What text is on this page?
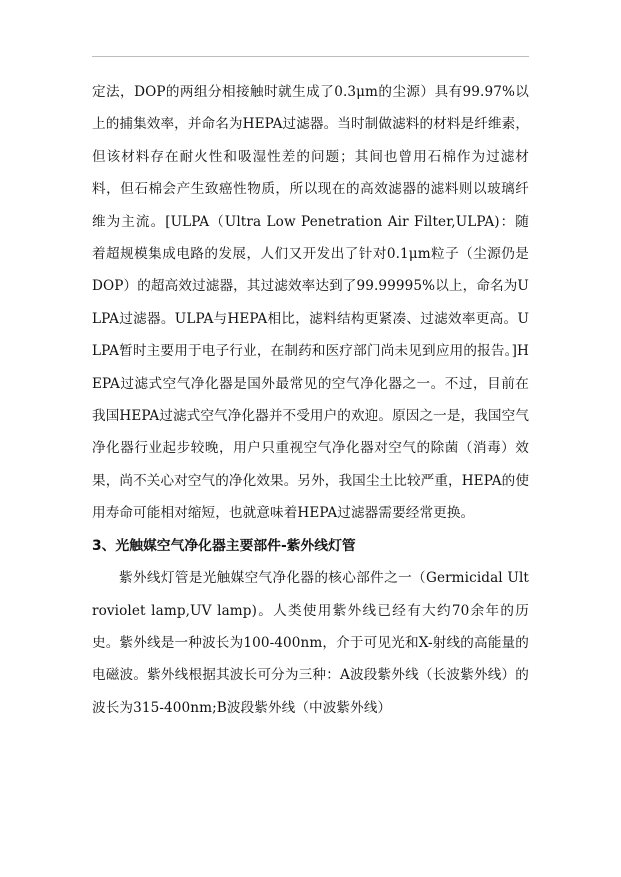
定法，DOP的两组分相接触时就生成了0.3μm的尘源）具有99.97%以上的捕集效率，并命名为HEPA过滤器。当时制做滤料的材料是纤维素，但该材料存在耐火性和吸湿性差的问题；其间也曾用石棉作为过滤材料，但石棉会产生致癌性物质，所以现在的高效滤器的滤料则以玻璃纤维为主流。[ULPA（Ultra Low Penetration Air Filter,ULPA)：随着超规模集成电路的发展，人们又开发出了针对0.1μm粒子（尘源仍是DOP）的超高效过滤器，其过滤效率达到了99.99995%以上，命名为ULPA过滤器。ULPA与HEPA相比，滤料结构更紧凑、过滤效率更高。ULPA暂时主要用于电子行业，在制药和医疗部门尚未见到应用的报告。]HEPA过滤式空气净化器是国外最常见的空气净化器之一。不过，目前在我国HEPA过滤式空气净化器并不受用户的欢迎。原因之一是，我国空气净化器行业起步较晚，用户只重视空气净化器对空气的除菌（消毒）效果，尚不关心对空气的净化效果。另外，我国尘土比较严重，HEPA的使用寿命可能相对缩短，也就意味着HEPA过滤器需要经常更换。

3、光触媒空气净化器主要部件-紫外线灯管

紫外线灯管是光触媒空气净化器的核心部件之一（Germicidal Ultroviolet lamp,UV lamp)。人类使用紫外线已经有大约70余年的历史。紫外线是一种波长为100-400nm，介于可见光和X-射线的高能量的电磁波。紫外线根据其波长可分为三种：A波段紫外线（长波紫外线）的波长为315-400nm;B波段紫外线（中波紫外线）
